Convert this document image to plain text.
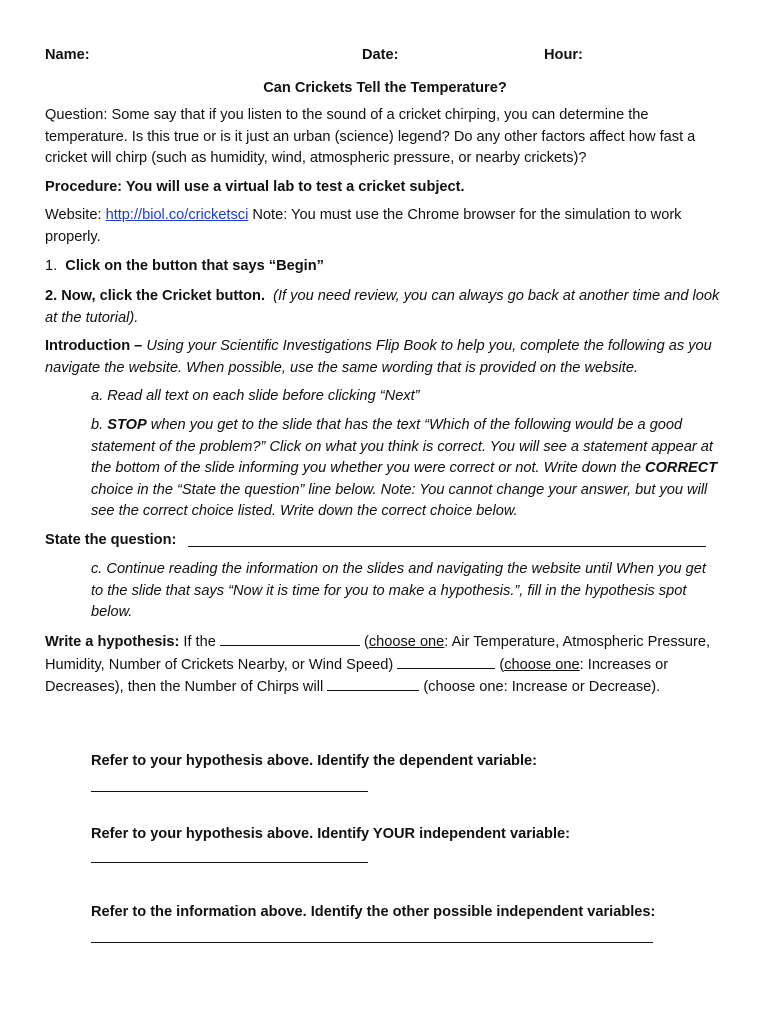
Name:	Date:	Hour:
Can Crickets Tell the Temperature?
Question: Some say that if you listen to the sound of a cricket chirping, you can determine the temperature. Is this true or is it just an urban (science) legend? Do any other factors affect how fast a cricket will chirp (such as humidity, wind, atmospheric pressure, or nearby crickets)?
Procedure: You will use a virtual lab to test a cricket subject.
Website: http://biol.co/cricketsci Note: You must use the Chrome browser for the simulation to work properly.
1. Click on the button that says “Begin”
2. Now, click the Cricket button. (If you need review, you can always go back at another time and look at the tutorial).
Introduction – Using your Scientific Investigations Flip Book to help you, complete the following as you navigate the website. When possible, use the same wording that is provided on the website.
a. Read all text on each slide before clicking “Next”
b. STOP when you get to the slide that has the text “Which of the following would be a good statement of the problem?” Click on what you think is correct. You will see a statement appear at the bottom of the slide informing you whether you were correct or not. Write down the CORRECT choice in the “State the question” line below. Note: You cannot change your answer, but you will see the correct choice listed. Write down the correct choice below.
State the question:
c. Continue reading the information on the slides and navigating the website until When you get to the slide that says “Now it is time for you to make a hypothesis.”, fill in the hypothesis spot below.
Write a hypothesis: If the	(choose one: Air Temperature, Atmospheric Pressure, Humidity, Number of Crickets Nearby, or Wind Speed)	(choose one: Increases or Decreases), then the Number of Chirps will	(choose one: Increase or Decrease).
Refer to your hypothesis above. Identify the dependent variable:
Refer to your hypothesis above. Identify YOUR independent variable:
Refer to the information above. Identify the other possible independent variables:
